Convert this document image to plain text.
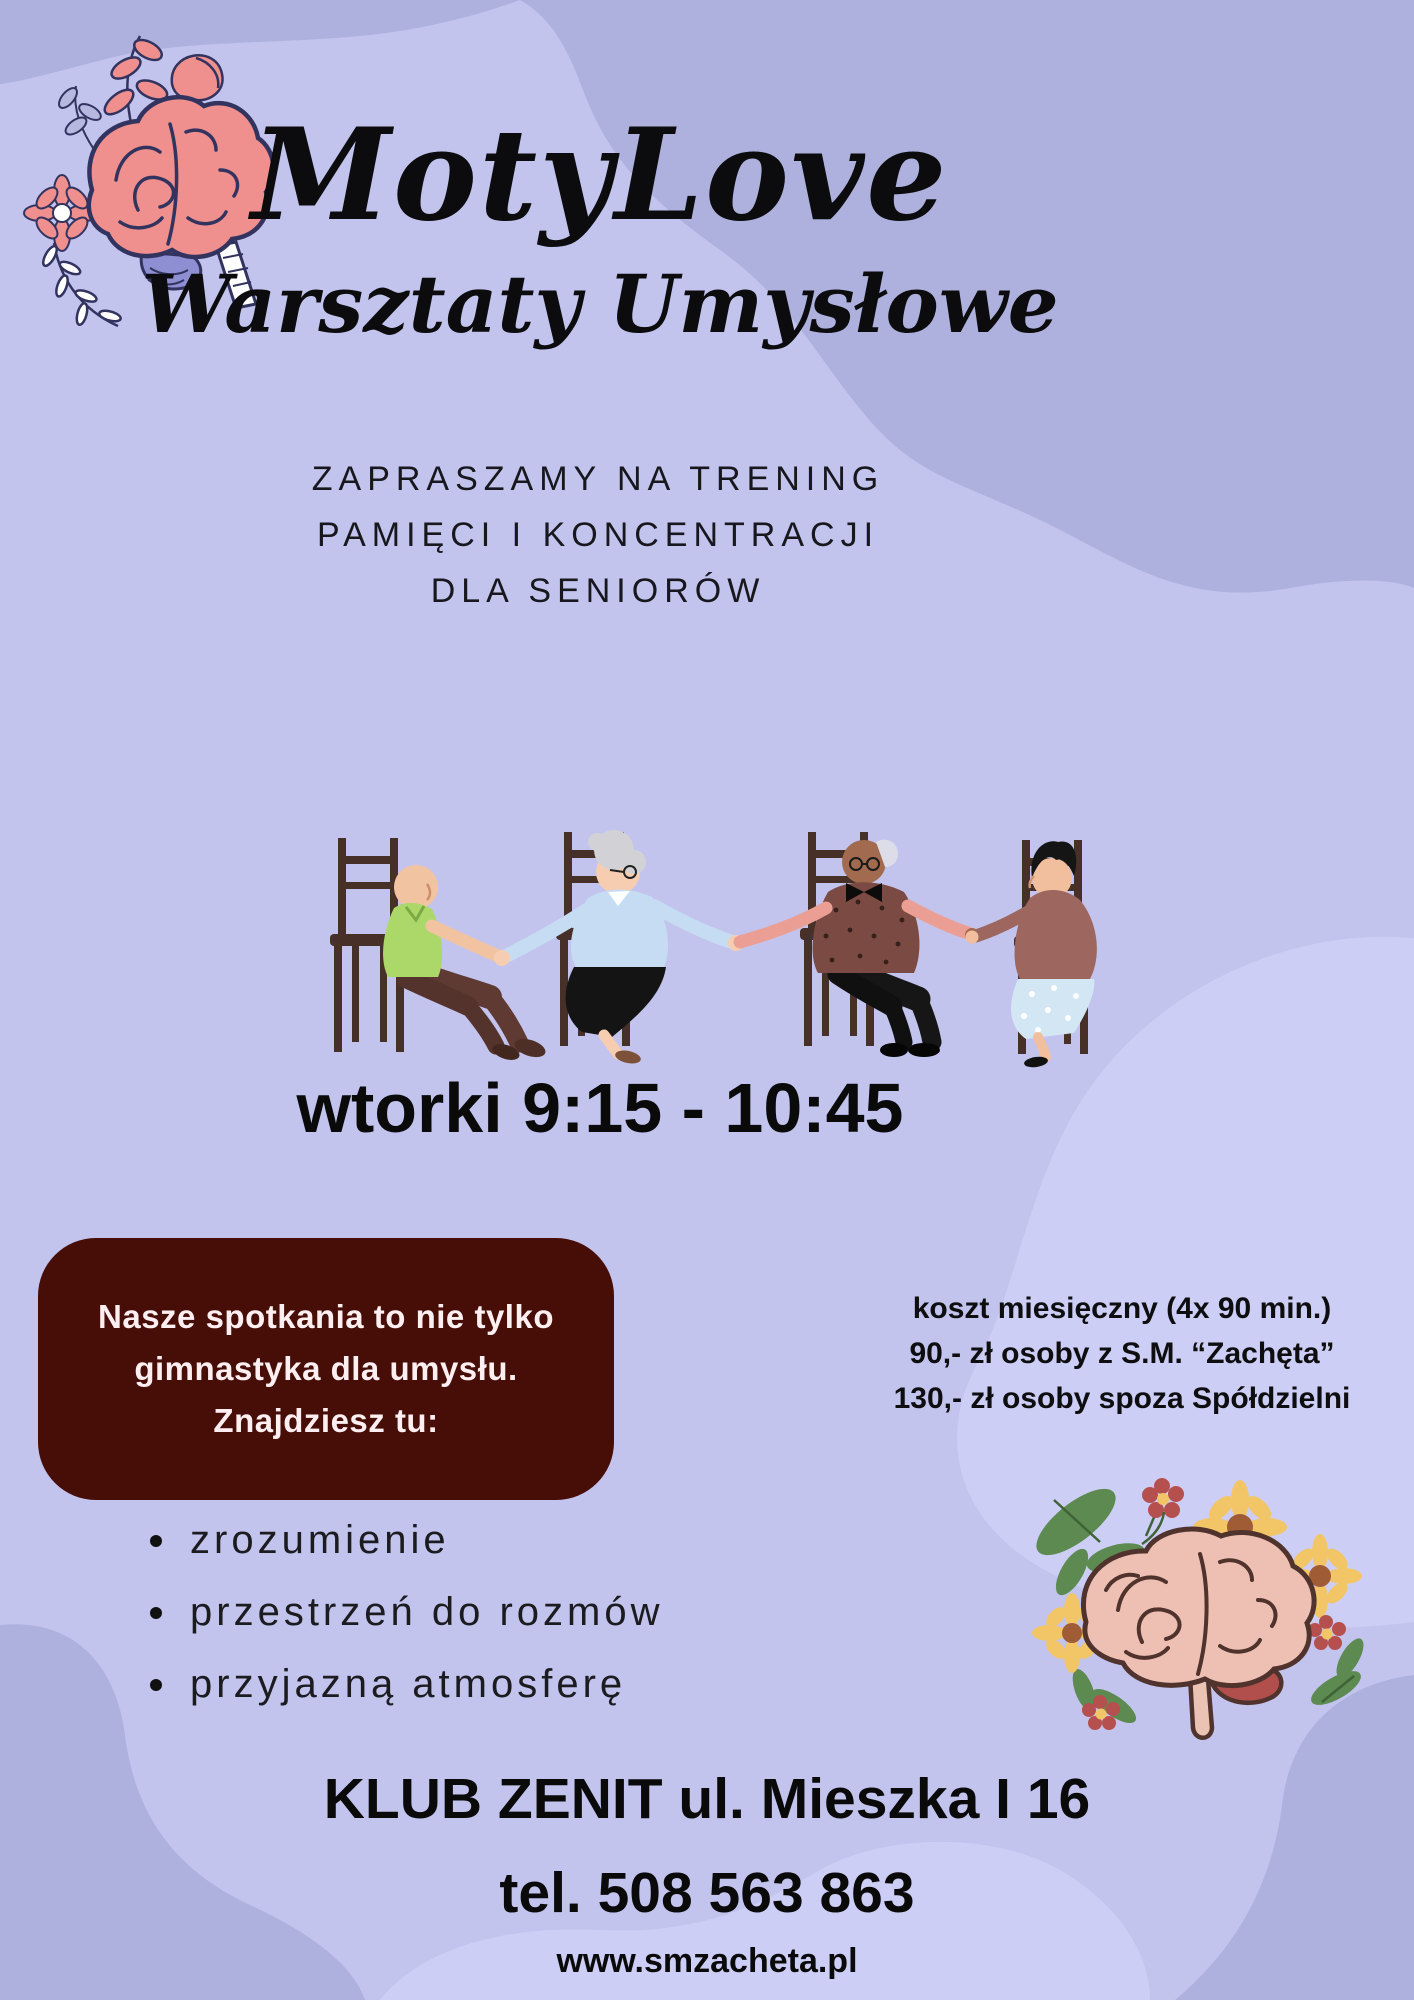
MotyLove
Warsztaty Umysłowe

ZAPRASZAMY NA TRENING

PAMIĘCI I KONCENTRACJI

DLA SENIORÓW

wtorki 9:15 - 10:45

Nasze spotkania to nie tylko

gimnastyka dla umysłu.

Znajdziesz tu:

koszt miesięczny (4x 90 min.)

90,- zł osoby z S.M. “Zachęta”

130,- zł osoby spoza Spółdzielni

zrozumienie
przestrzeń do rozmów
przyjazną atmosferę
KLUB ZENIT ul. Mieszka I 16
tel. 508 563 863
www.smzacheta.pl
